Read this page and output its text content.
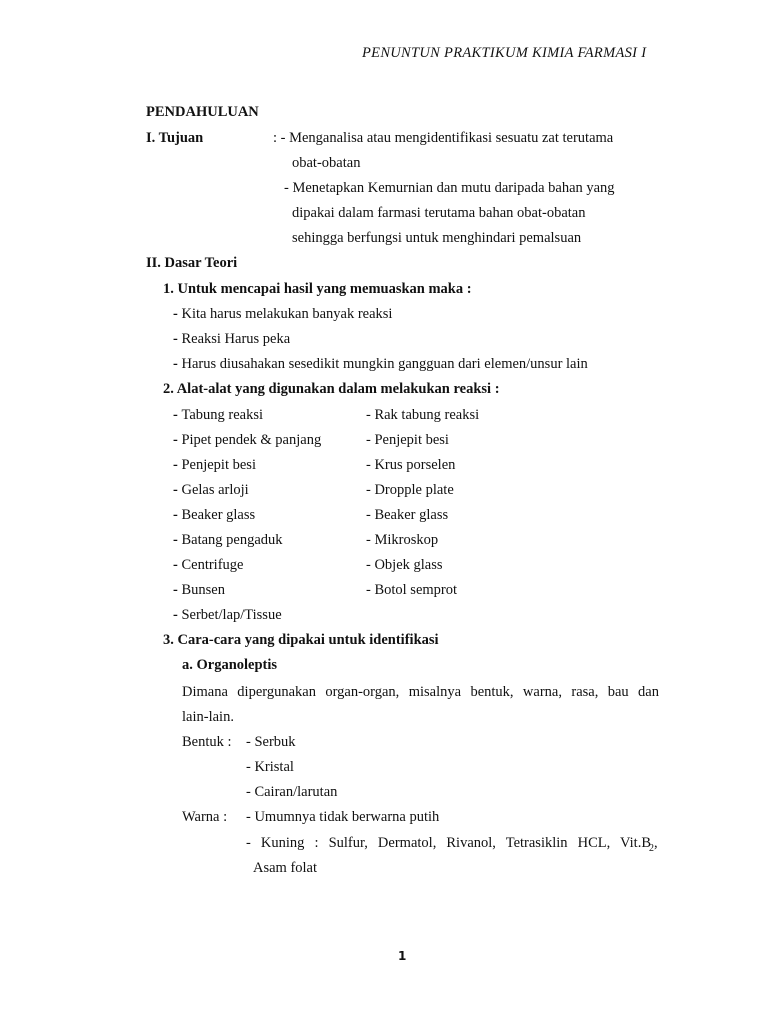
PENUNTUN PRAKTIKUM KIMIA FARMASI I
PENDAHULUAN
I. Tujuan	: - Menganalisa atau mengidentifikasi sesuatu zat terutama
obat-obatan
- Menetapkan Kemurnian dan mutu daripada bahan yang
dipakai dalam farmasi terutama bahan obat-obatan
sehingga berfungsi untuk menghindari pemalsuan
II. Dasar Teori
1. Untuk mencapai hasil yang memuaskan maka :
- Kita harus melakukan banyak reaksi
- Reaksi Harus peka
- Harus diusahakan sesedikit mungkin gangguan dari elemen/unsur lain
2. Alat-alat yang digunakan dalam melakukan reaksi :
- Tabung reaksi	- Rak tabung reaksi
- Pipet pendek & panjang	- Penjepit besi
- Penjepit besi	- Krus porselen
- Gelas arloji	- Dropple plate
- Beaker glass	- Beaker glass
- Batang pengaduk	- Mikroskop
- Centrifuge	- Objek glass
- Bunsen	- Botol semprot
- Serbet/lap/Tissue
3. Cara-cara yang dipakai untuk identifikasi
a. Organoleptis
Dimana dipergunakan organ-organ, misalnya bentuk, warna, rasa, bau dan
lain-lain.
Bentuk : - Serbuk
- Kristal
- Cairan/larutan
Warna : - Umumnya tidak berwarna putih
- Kuning : Sulfur, Dermatol, Rivanol, Tetrasiklin HCL, $Vit.B_2$,
Asam folat
1
